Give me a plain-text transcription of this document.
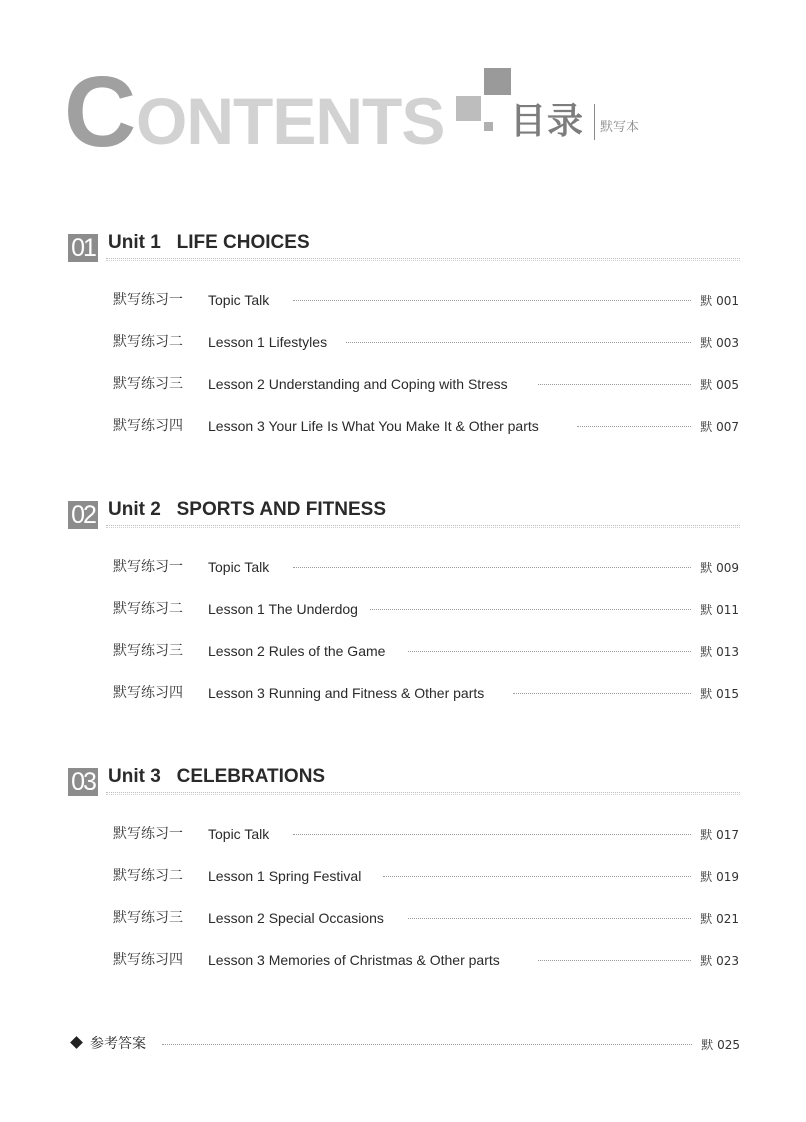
C ONTENTS 目录 默写本
01 Unit 1   LIFE CHOICES
默写练习一 Topic Talk	默 001
默写练习二 Lesson 1 Lifestyles	默 003
默写练习三 Lesson 2 Understanding and Coping with Stress	默 005
默写练习四 Lesson 3 Your Life Is What You Make It & Other parts	默 007
02 Unit 2   SPORTS AND FITNESS
默写练习一 Topic Talk	默 009
默写练习二 Lesson 1 The Underdog	默 011
默写练习三 Lesson 2 Rules of the Game	默 013
默写练习四 Lesson 3 Running and Fitness & Other parts	默 015
03 Unit 3   CELEBRATIONS
默写练习一 Topic Talk	默 017
默写练习二 Lesson 1 Spring Festival	默 019
默写练习三 Lesson 2 Special Occasions	默 021
默写练习四 Lesson 3 Memories of Christmas & Other parts	默 023
参考答案	默 025
